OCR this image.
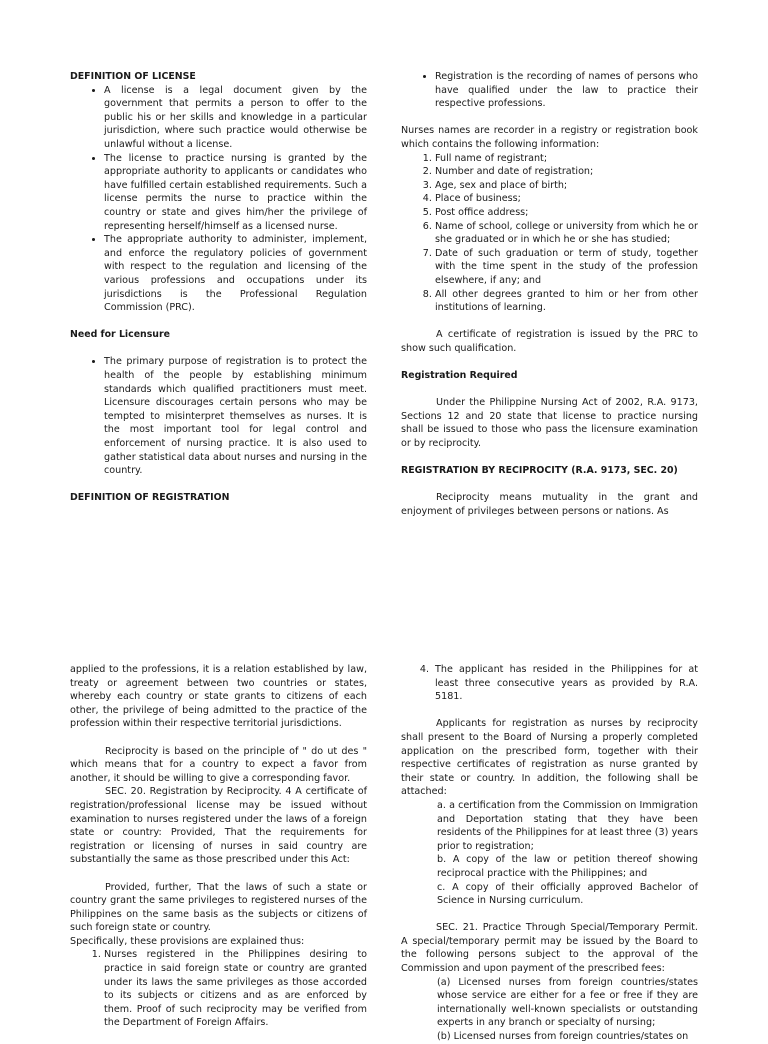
DEFINITION OF LICENSE

• A license is a legal document given by the government that permits a person to offer to the public his or her skills and knowledge in a particular jurisdiction, where such practice would otherwise be unlawful without a license.
• The license to practice nursing is granted by the appropriate authority to applicants or candidates who have fulfilled certain established requirements. Such a license permits the nurse to practice within the country or state and gives him/her the privilege of representing herself/himself as a licensed nurse.
• The appropriate authority to administer, implement, and enforce the regulatory policies of government with respect to the regulation and licensing of the various professions and occupations under its jurisdictions is the Professional Regulation Commission (PRC).

Need for Licensure

• The primary purpose of registration is to protect the health of the people by establishing minimum standards which qualified practitioners must meet. Licensure discourages certain persons who may be tempted to misinterpret themselves as nurses. It is the most important tool for legal control and enforcement of nursing practice. It is also used to gather statistical data about nurses and nursing in the country.

DEFINITION OF REGISTRATION

• Registration is the recording of names of persons who have qualified under the law to practice their respective professions.

Nurses names are recorder in a registry or registration book which contains the following information:

1. Full name of registrant;
2. Number and date of registration;
3. Age, sex and place of birth;
4. Place of business;
5. Post office address;
6. Name of school, college or university from which he or she graduated or in which he or she has studied;
7. Date of such graduation or term of study, together with the time spent in the study of the profession elsewhere, if any; and
8. All other degrees granted to him or her from other institutions of learning.

A certificate of registration is issued by the PRC to show such qualification.

Registration Required

Under the Philippine Nursing Act of 2002, R.A. 9173, Sections 12 and 20 state that license to practice nursing shall be issued to those who pass the licensure examination or by reciprocity.

REGISTRATION BY RECIPROCITY (R.A. 9173, SEC. 20)

Reciprocity means mutuality in the grant and enjoyment of privileges between persons or nations. As

applied to the professions, it is a relation established by law, treaty or agreement between two countries or states, whereby each country or state grants to citizens of each other, the privilege of being admitted to the practice of the profession within their respective territorial jurisdictions.

Reciprocity is based on the principle of " do ut des " which means that for a country to expect a favor from another, it should be willing to give a corresponding favor.

SEC. 20. Registration by Reciprocity. 4 A certificate of registration/professional license may be issued without examination to nurses registered under the laws of a foreign state or country: Provided, That the requirements for registration or licensing of nurses in said country are substantially the same as those prescribed under this Act:

Provided, further, That the laws of such a state or country grant the same privileges to registered nurses of the Philippines on the same basis as the subjects or citizens of such foreign state or country.

Specifically, these provisions are explained thus:

1. Nurses registered in the Philippines desiring to practice in said foreign state or country are granted under its laws the same privileges as those accorded to its subjects or citizens and as are enforced by them. Proof of such reciprocity may be verified from the Department of Foreign Affairs.
4. The applicant has resided in the Philippines for at least three consecutive years as provided by R.A. 5181.

Applicants for registration as nurses by reciprocity shall present to the Board of Nursing a properly completed application on the prescribed form, together with their respective certificates of registration as nurse granted by their state or country. In addition, the following shall be attached:

a. a certification from the Commission on Immigration and Deportation stating that they have been residents of the Philippines for at least three (3) years prior to registration;

b. A copy of the law or petition thereof showing reciprocal practice with the Philippines; and

c. A copy of their officially approved Bachelor of Science in Nursing curriculum.

SEC. 21. Practice Through Special/Temporary Permit. A special/temporary permit may be issued by the Board to the following persons subject to the approval of the Commission and upon payment of the prescribed fees:

(a) Licensed nurses from foreign countries/states whose service are either for a fee or free if they are internationally well-known specialists or outstanding experts in any branch or specialty of nursing;

(b) Licensed nurses from foreign countries/states on
